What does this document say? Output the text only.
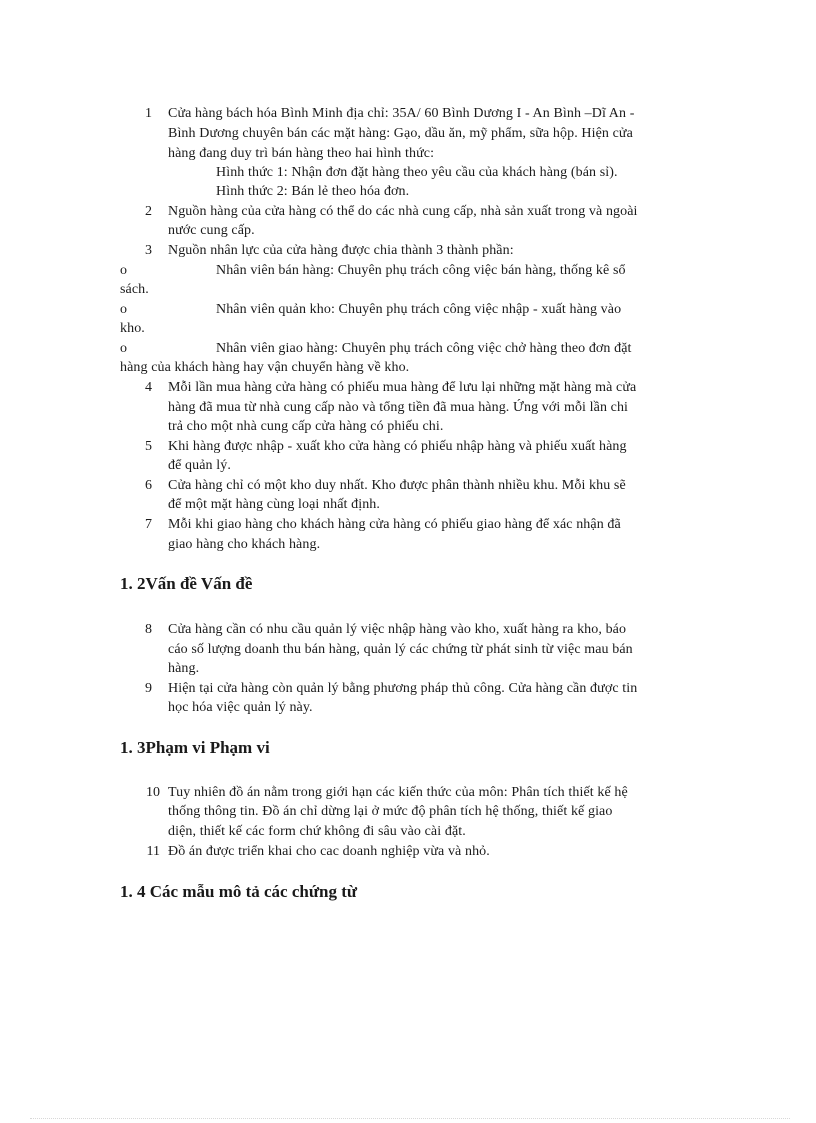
1 Cửa hàng bách hóa Bình Minh địa chỉ: 35A/ 60 Bình Dương I - An Bình –Dĩ An -
Bình Dương chuyên bán các mặt hàng: Gạo, dầu ăn, mỹ phẩm, sữa hộp. Hiện cửa
hàng đang duy trì bán hàng theo hai hình thức:
Hình thức 1: Nhận đơn đặt hàng theo yêu cầu của khách hàng (bán sỉ).
Hình thức 2: Bán lẻ theo hóa đơn.
2 Nguồn hàng của cửa hàng có thể do các nhà cung cấp, nhà sản xuất trong và ngoài
nước cung cấp.
3 Nguồn nhân lực của cửa hàng được chia thành 3 thành phần:
o	Nhân viên bán hàng: Chuyên phụ trách công việc bán hàng, thống kê sổ
sách.
o	Nhân viên quản kho: Chuyên phụ trách công việc nhập - xuất hàng vào
kho.
o	Nhân viên giao hàng: Chuyên phụ trách công việc chở hàng theo đơn đặt
hàng của khách hàng hay vận chuyển hàng về kho.
4 Mỗi lần mua hàng cửa hàng có phiếu mua hàng để lưu lại những mặt hàng mà cửa
hàng đã mua từ nhà cung cấp nào và tổng tiền đã mua hàng. Ứng với mỗi lần chi
trả cho một nhà cung cấp cửa hàng có phiếu chi.
5 Khi hàng được nhập - xuất kho cửa hàng có phiếu nhập hàng và phiếu xuất hàng
để quản lý.
6 Cửa hàng chỉ có một kho duy nhất. Kho được phân thành nhiều khu. Mỗi khu sẽ
để một mặt hàng cùng loại nhất định.
7 Mỗi khi giao hàng cho khách hàng cửa hàng có phiếu giao hàng để xác nhận đã
giao hàng cho khách hàng.
1. 2Vấn đề Vấn đề
8 Cửa hàng cần có nhu cầu quản lý việc nhập hàng vào kho, xuất hàng ra kho, báo
cáo số lượng doanh thu bán hàng, quản lý các chứng từ phát sinh từ việc mau bán
hàng.
9 Hiện tại cửa hàng còn quản lý bằng phương pháp thủ công. Cửa hàng cần được tin
học hóa việc quản lý này.
1. 3Phạm vi Phạm vi
10 Tuy nhiên đồ án nằm trong giới hạn các kiến thức của môn: Phân tích thiết kế hệ
thống thông tin. Đồ án chỉ dừng lại ở mức độ phân tích hệ thống, thiết kế giao
diện, thiết kế các form chứ không đi sâu vào cài đặt.
11 Đồ án được triển khai cho cac doanh nghiệp vừa và nhỏ.
1. 4 Các mẫu mô tả các chứng từ
